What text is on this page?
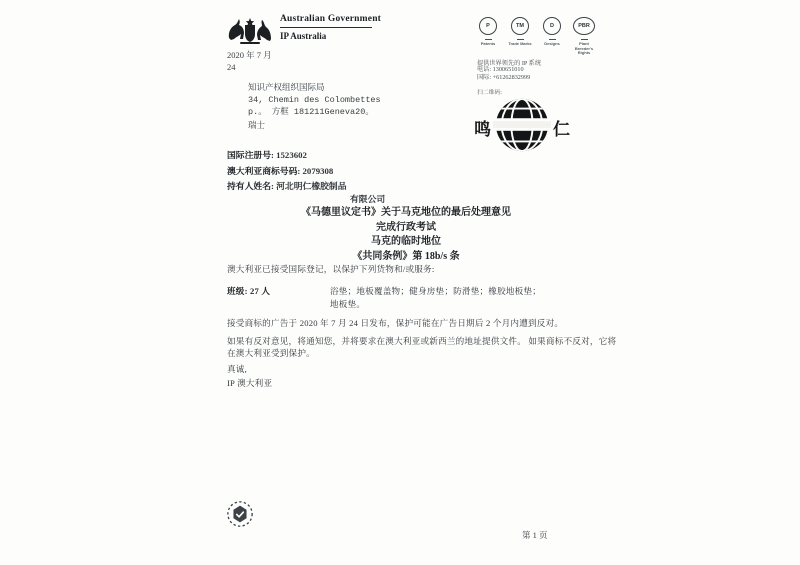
Australian Government
IP Australia
2020 年 7 月
24
知识产权组织国际局
34, Chemin des Colombettes
p.。 方框 181211Geneva20。
瑞士
P
Patents
TM
Trade Marks
D
Designs
PBR
Plant Breeder's Rights
提供世界领先的 IP 系统
电话: 1300651010
国际: +61262832999
扫二维码:
鸣	仁
国际注册号: 1523602
澳大利亚商标号码: 2079308
持有人姓名: 河北明仁橡胶制品
有限公司
《马德里议定书》关于马克地位的最后处理意见
完成行政考试
马克的临时地位
《共同条例》第 18b/s 条
澳大利亚已接受国际登记，以保护下列货物和/或服务:
班级: 27 人	浴垫；地板覆盖物；健身房垫；防滑垫；橡胶地板垫；
地板垫。
接受商标的广告于 2020 年 7 月 24 日发布，保护可能在广告日期后 2 个月内遭到反对。
如果有反对意见，将通知您，并将要求在澳大利亚或新西兰的地址提供文件。 如果商标不反对，它将在澳大利亚受到保护。
真诚,
IP 澳大利亚
第 1 页
